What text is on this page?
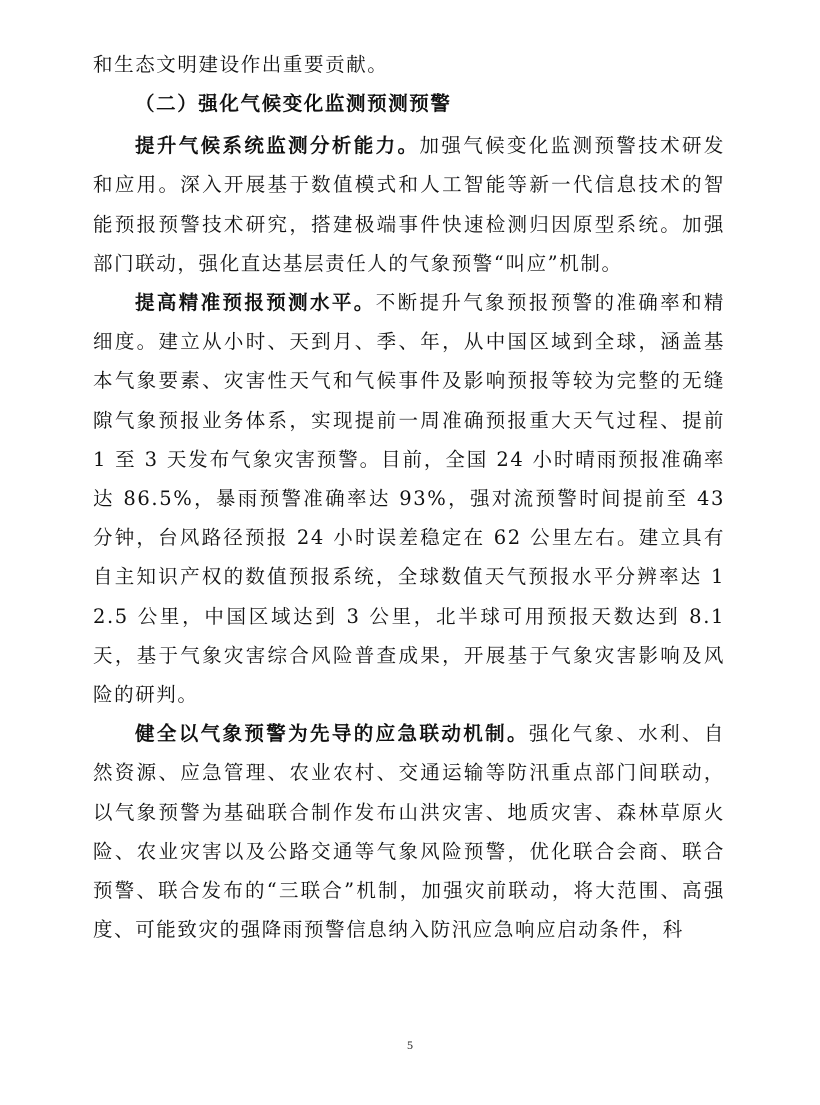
和生态文明建设作出重要贡献。

（二）强化气候变化监测预测预警

提升气候系统监测分析能力。加强气候变化监测预警技术研发和应用。深入开展基于数值模式和人工智能等新一代信息技术的智能预报预警技术研究，搭建极端事件快速检测归因原型系统。加强部门联动，强化直达基层责任人的气象预警“叫应”机制。

提高精准预报预测水平。不断提升气象预报预警的准确率和精细度。建立从小时、天到月、季、年，从中国区域到全球，涵盖基本气象要素、灾害性天气和气候事件及影响预报等较为完整的无缝隙气象预报业务体系，实现提前一周准确预报重大天气过程、提前 1 至 3 天发布气象灾害预警。目前，全国 24 小时晴雨预报准确率达 86.5%，暴雨预警准确率达 93%，强对流预警时间提前至 43 分钟，台风路径预报 24 小时误差稳定在 62 公里左右。建立具有自主知识产权的数值预报系统，全球数值天气预报水平分辨率达 12.5 公里，中国区域达到 3 公里，北半球可用预报天数达到 8.1 天，基于气象灾害综合风险普查成果，开展基于气象灾害影响及风险的研判。

健全以气象预警为先导的应急联动机制。强化气象、水利、自然资源、应急管理、农业农村、交通运输等防汛重点部门间联动，以气象预警为基础联合制作发布山洪灾害、地质灾害、森林草原火险、农业灾害以及公路交通等气象风险预警，优化联合会商、联合预警、联合发布的“三联合”机制，加强灾前联动，将大范围、高强度、可能致灾的强降雨预警信息纳入防汛应急响应启动条件，科

5
